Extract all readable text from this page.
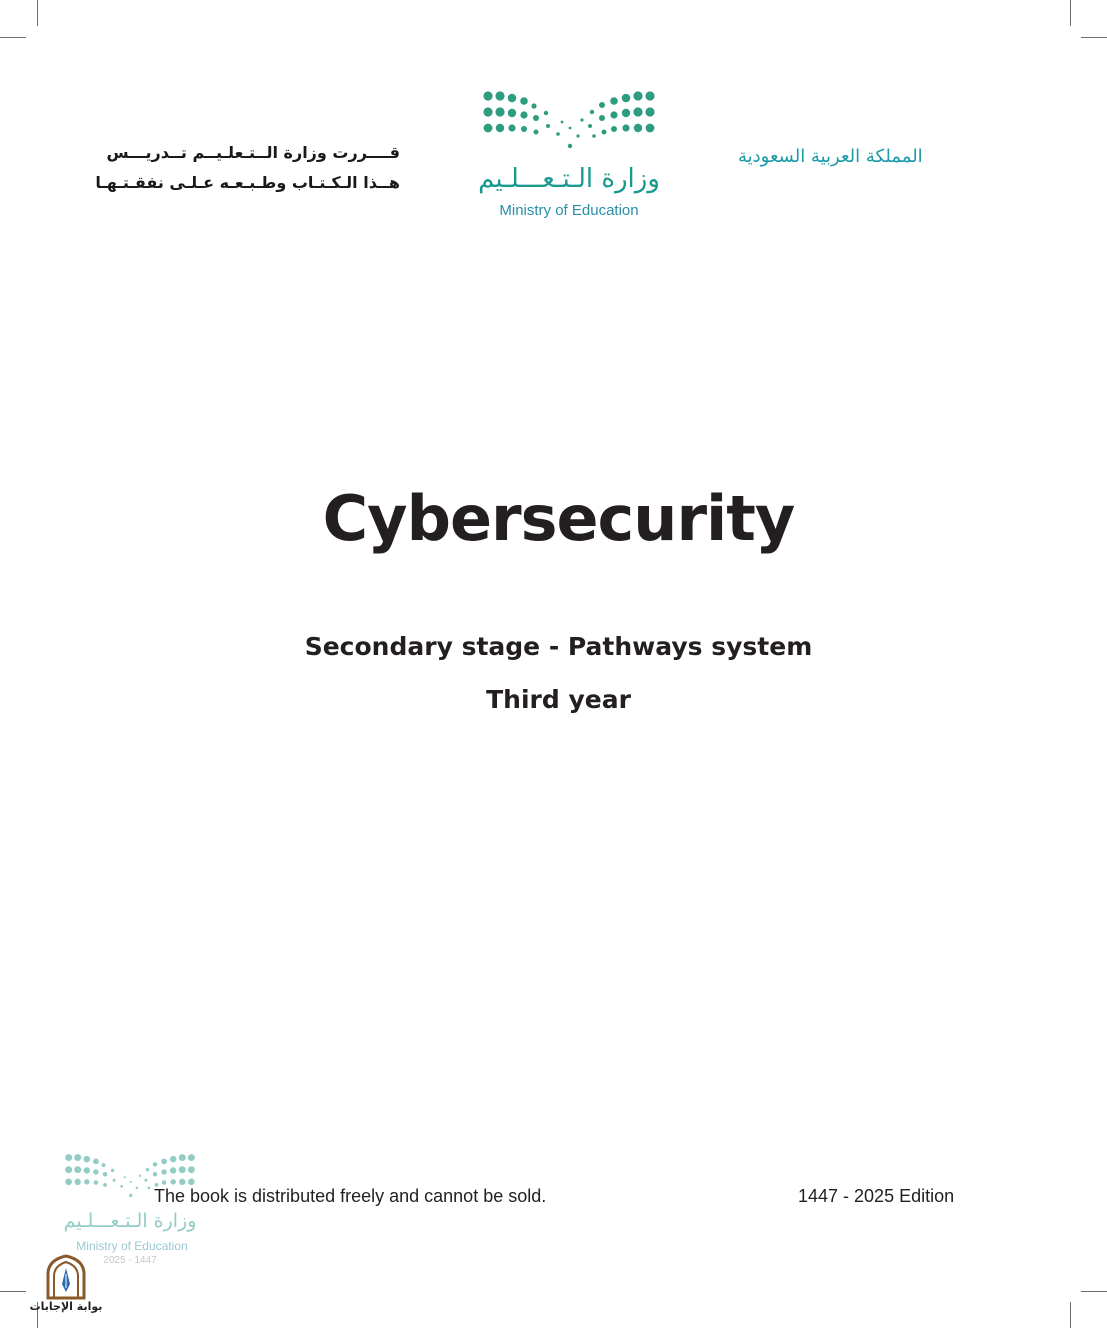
قــــررت وزارة الــتـعلـيــم تــدريـــس
هــذا الـكـتـاب وطـبـعـه عـلـى نفقـتـهـا	وزارة الـتـعـــلـيم
Ministry of Education
المملكة العربية السعودية
Cybersecurity
Secondary stage - Pathways system
Third year
وزارة الـتـعـــلـيم
Ministry of Education
2025 - 1447
The book is distributed freely and cannot be sold.	1447 - 2025 Edition
بوابة الإجابات
